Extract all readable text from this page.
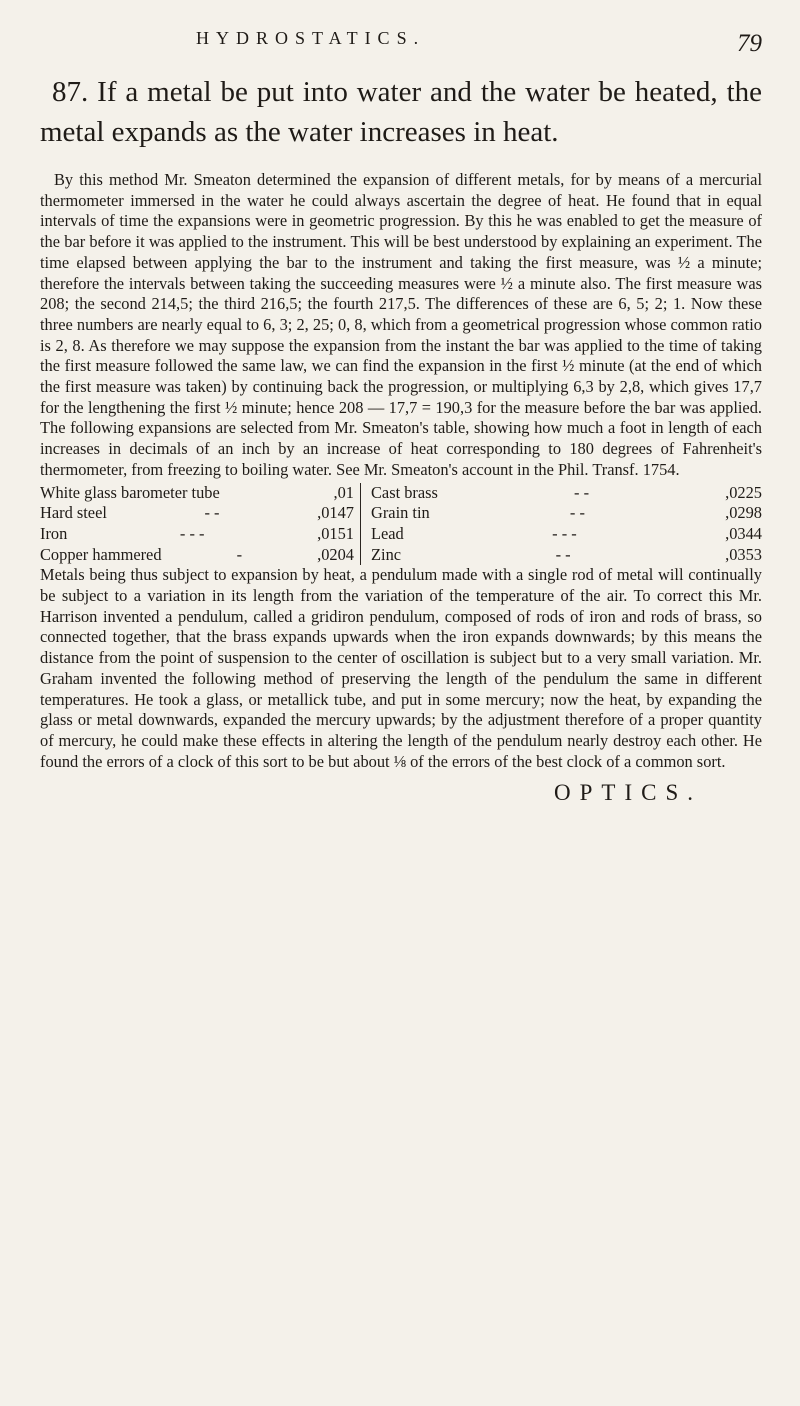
HYDROSTATICS.	79

87. If a metal be put into water and the water be heated, the metal expands as the water increases in heat.

By this method Mr. Smeaton determined the expansion of different metals, for by means of a mercurial thermometer immersed in the water he could always ascertain the degree of heat. He found that in equal intervals of time the expansions were in geometric progression. By this he was enabled to get the measure of the bar before it was applied to the instrument. This will be best understood by explaining an experiment. The time elapsed between applying the bar to the instrument and taking the first measure, was ½ a minute; therefore the intervals between taking the succeeding measures were ½ a minute also. The first measure was 208; the second 214,5; the third 216,5; the fourth 217,5. The differences of these are 6, 5; 2; 1. Now these three numbers are nearly equal to 6, 3; 2, 25; 0, 8, which from a geometrical progression whose common ratio is 2, 8. As therefore we may suppose the expansion from the instant the bar was applied to the time of taking the first measure followed the same law, we can find the expansion in the first ½ minute (at the end of which the first measure was taken) by continuing back the progression, or multiplying 6,3 by 2,8, which gives 17,7 for the lengthening the first ½ minute; hence 208 — 17,7 = 190,3 for the measure before the bar was applied. The following expansions are selected from Mr. Smeaton's table, showing how much a foot in length of each increases in decimals of an inch by an increase of heat corresponding to 180 degrees of Fahrenheit's thermometer, from freezing to boiling water. See Mr. Smeaton's account in the Phil. Transf. 1754.

White glass barometer tube	,01
Hard steel	- -	,0147
Iron	- - -	,0151
Copper hammered	-	,0204
Cast brass	- -	,0225
Grain tin	- -	,0298
Lead	- - -	,0344
Zinc	- -	,0353

Metals being thus subject to expansion by heat, a pendulum made with a single rod of metal will continually be subject to a variation in its length from the variation of the temperature of the air. To correct this Mr. Harrison invented a pendulum, called a gridiron pendulum, composed of rods of iron and rods of brass, so connected together, that the brass expands upwards when the iron expands downwards; by this means the distance from the point of suspension to the center of oscillation is subject but to a very small variation. Mr. Graham invented the following method of preserving the length of the pendulum the same in different temperatures. He took a glass, or metallick tube, and put in some mercury; now the heat, by expanding the glass or metal downwards, expanded the mercury upwards; by the adjustment therefore of a proper quantity of mercury, he could make these effects in altering the length of the pendulum nearly destroy each other. He found the errors of a clock of this sort to be but about ⅛ of the errors of the best clock of a common sort.

OPTICS.
